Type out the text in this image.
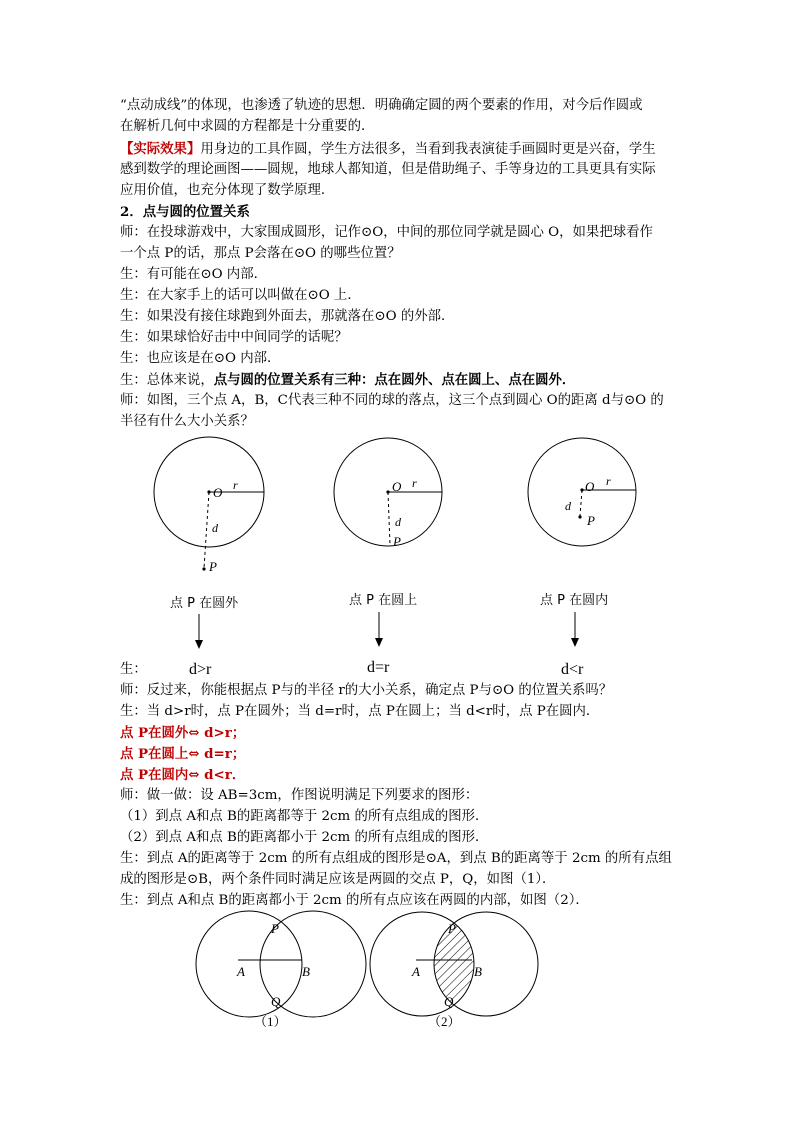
“点动成线”的体现，也渗透了轨迹的思想．明确确定圆的两个要素的作用，对今后作圆或
在解析几何中求圆的方程都是十分重要的．
【实际效果】用身边的工具作圆，学生方法很多，当看到我表演徒手画圆时更是兴奋，学生
感到数学的理论画图——圆规，地球人都知道，但是借助绳子、手等身边的工具更具有实际
应用价值，也充分体现了数学原理．
2．点与圆的位置关系
师：在投球游戏中，大家围成圆形，记作⊙O，中间的那位同学就是圆心 O，如果把球看作
一个点 P的话，那点 P会落在⊙O 的哪些位置？
生：有可能在⊙O 内部．
生：在大家手上的话可以叫做在⊙O 上．
生：如果没有接住球跑到外面去，那就落在⊙O 的外部．
生：如果球恰好击中中间同学的话呢？
生：也应该是在⊙O 内部．
生：总体来说，点与圆的位置关系有三种：点在圆外、点在圆上、点在圆外．
师：如图，三个点 A，B，C代表三种不同的球的落点，这三个点到圆心 O的距离 d与⊙O 的
半径有什么大小关系？
O r
d
P
点 P 在圆外
d>r
O r
d
P
点 P 在圆上
d=r
O r
d
P
点 P 在圆内
d<r
生：
师：反过来，你能根据点 P与的半径 r的大小关系，确定点 P与⊙O 的位置关系吗？
生：当 d>r时，点 P在圆外；当 d=r时，点 P在圆上；当 d<r时，点 P在圆内．
点 P在圆外⇔ d>r；
点 P在圆上⇔ d=r；
点 P在圆内⇔ d<r．
师：做一做：设 AB=3cm，作图说明满足下列要求的图形：
（1）到点 A和点 B的距离都等于 2cm 的所有点组成的图形．
（2）到点 A和点 B的距离都小于 2cm 的所有点组成的图形．
生：到点 A的距离等于 2cm 的所有点组成的图形是⊙A，到点 B的距离等于 2cm 的所有点组
成的图形是⊙B，两个条件同时满足应该是两圆的交点 P，Q，如图（1）．
生：到点 A和点 B的距离都小于 2cm 的所有点应该在两圆的内部，如图（2）．
P
Q
A	B
（1）
P
Q
A	B
（2）
